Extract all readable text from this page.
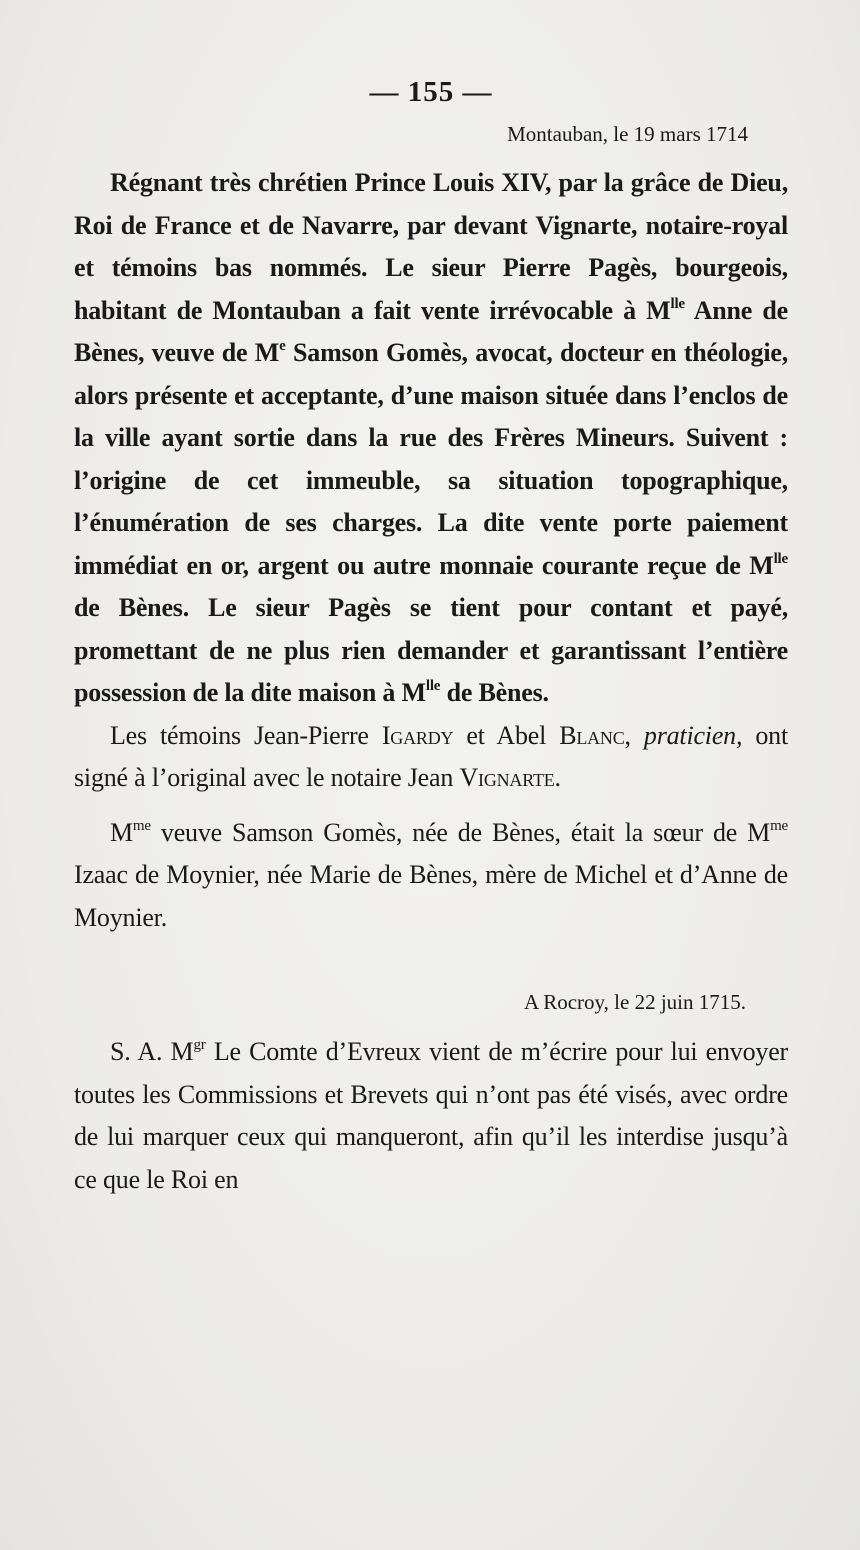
— 155 —
Montauban, le 19 mars 1714

Régnant très chrétien Prince Louis XIV, par la grâce de Dieu, Roi de France et de Navarre, par devant Vignarte, notaire-royal et témoins bas nommés. Le sieur Pierre Pagès, bourgeois, habitant de Montauban a fait vente irrévocable à $M^{lle}$ Anne de Bènes, veuve de Me Samson Gomès, avocat, docteur en théologie, alors présente et acceptante, d’une maison située dans l’enclos de la ville ayant sortie dans la rue des Frères Mineurs. Suivent : l’origine de cet immeuble, sa situation topographique, l’énumération de ses charges. La dite vente porte paiement immédiat en or, argent ou autre monnaie courante reçue de $M^{lle}$ de Bènes. Le sieur Pagès se tient pour contant et payé, promettant de ne plus rien demander et garantissant l’entière possession de la dite maison à $M^{lle}$ de Bènes.

Les témoins Jean-Pierre Igardy et Abel Blanc, praticien, ont signé à l’original avec le notaire Jean Vignarte.

$M^{me}$ veuve Samson Gomès, née de Bènes, était la sœur de $M^{me}$ Izaac de Moynier, née Marie de Bènes, mère de Michel et d’Anne de Moynier.

A Rocroy, le 22 juin 1715.

S. A. $M^{gr}$ Le Comte d’Evreux vient de m’écrire pour lui envoyer toutes les Commissions et Brevets qui n’ont pas été visés, avec ordre de lui marquer ceux qui manqueront, afin qu’il les interdise jusqu’à ce que le Roi en
